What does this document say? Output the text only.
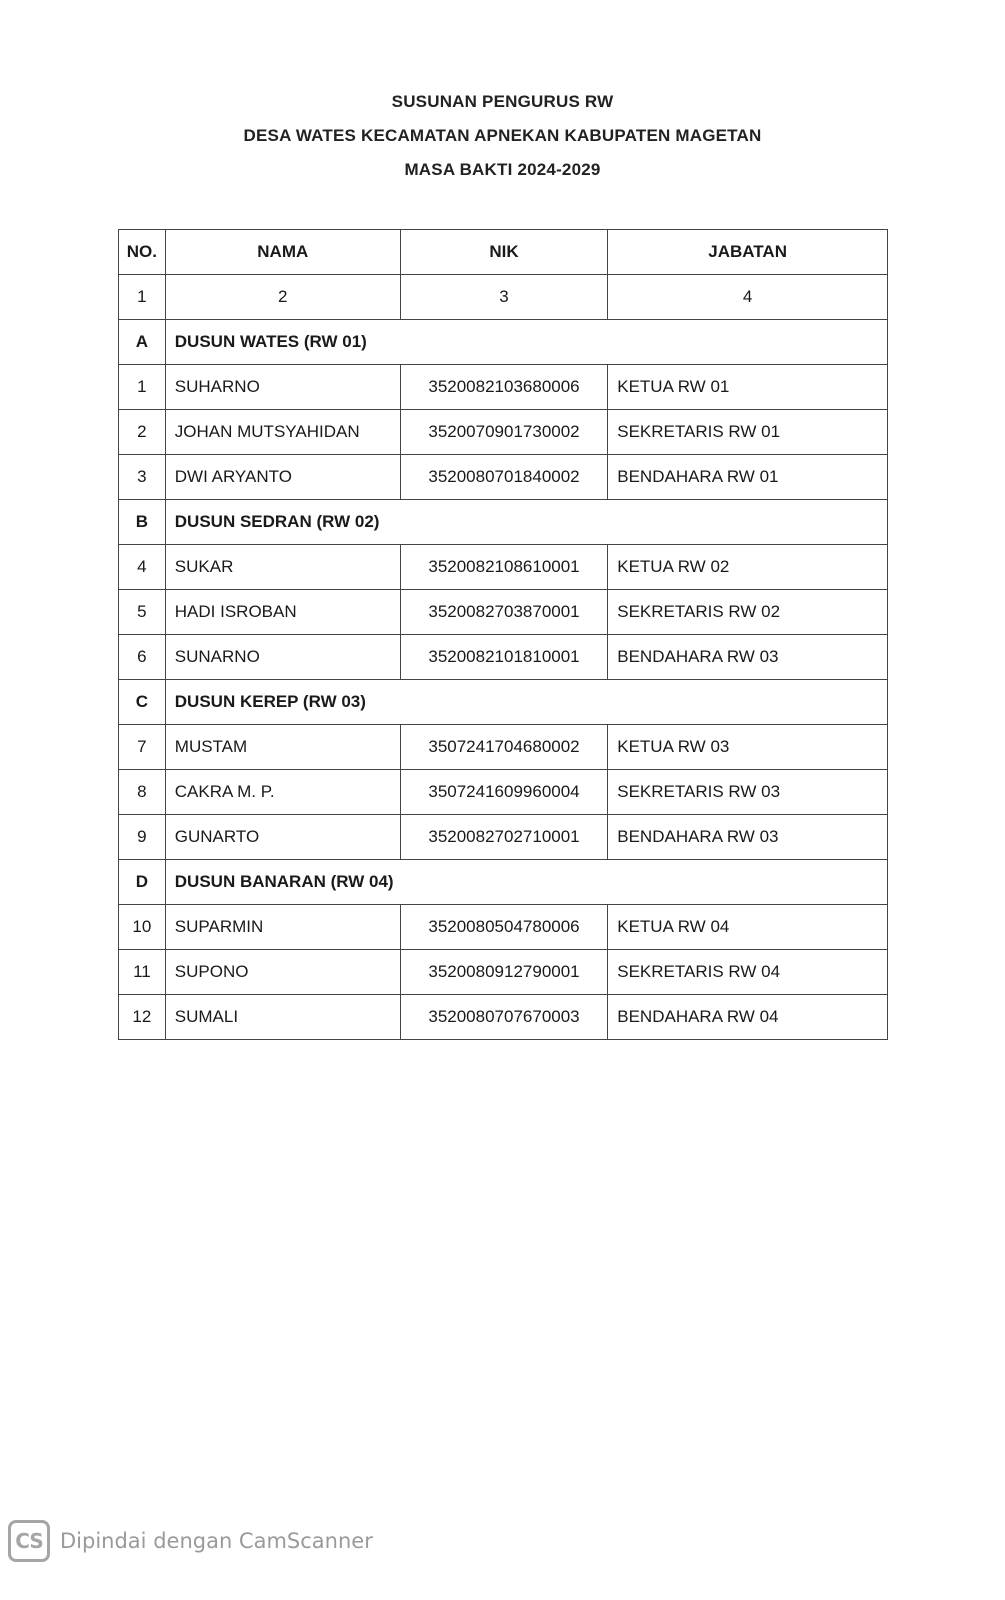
SUSUNAN PENGURUS RW
DESA WATES KECAMATAN APNEKAN KABUPATEN MAGETAN
MASA BAKTI 2024-2029
NO.	NAMA	NIK	JABATAN
1	2	3	4
A	DUSUN WATES (RW 01)		
1	SUHARNO	3520082103680006	KETUA RW 01
2	JOHAN MUTSYAHIDAN	3520070901730002	SEKRETARIS RW 01
3	DWI ARYANTO	3520080701840002	BENDAHARA RW 01
B	DUSUN SEDRAN (RW 02)		
4	SUKAR	3520082108610001	KETUA RW 02
5	HADI ISROBAN	3520082703870001	SEKRETARIS RW 02
6	SUNARNO	3520082101810001	BENDAHARA RW 03
C	DUSUN KEREP (RW 03)		
7	MUSTAM	3507241704680002	KETUA RW 03
8	CAKRA M. P.	3507241609960004	SEKRETARIS RW 03
9	GUNARTO	3520082702710001	BENDAHARA RW 03
D	DUSUN BANARAN (RW 04)		
10	SUPARMIN	3520080504780006	KETUA RW 04
11	SUPONO	3520080912790001	SEKRETARIS RW 04
12	SUMALI	3520080707670003	BENDAHARA RW 04
CS Dipindai dengan CamScanner
